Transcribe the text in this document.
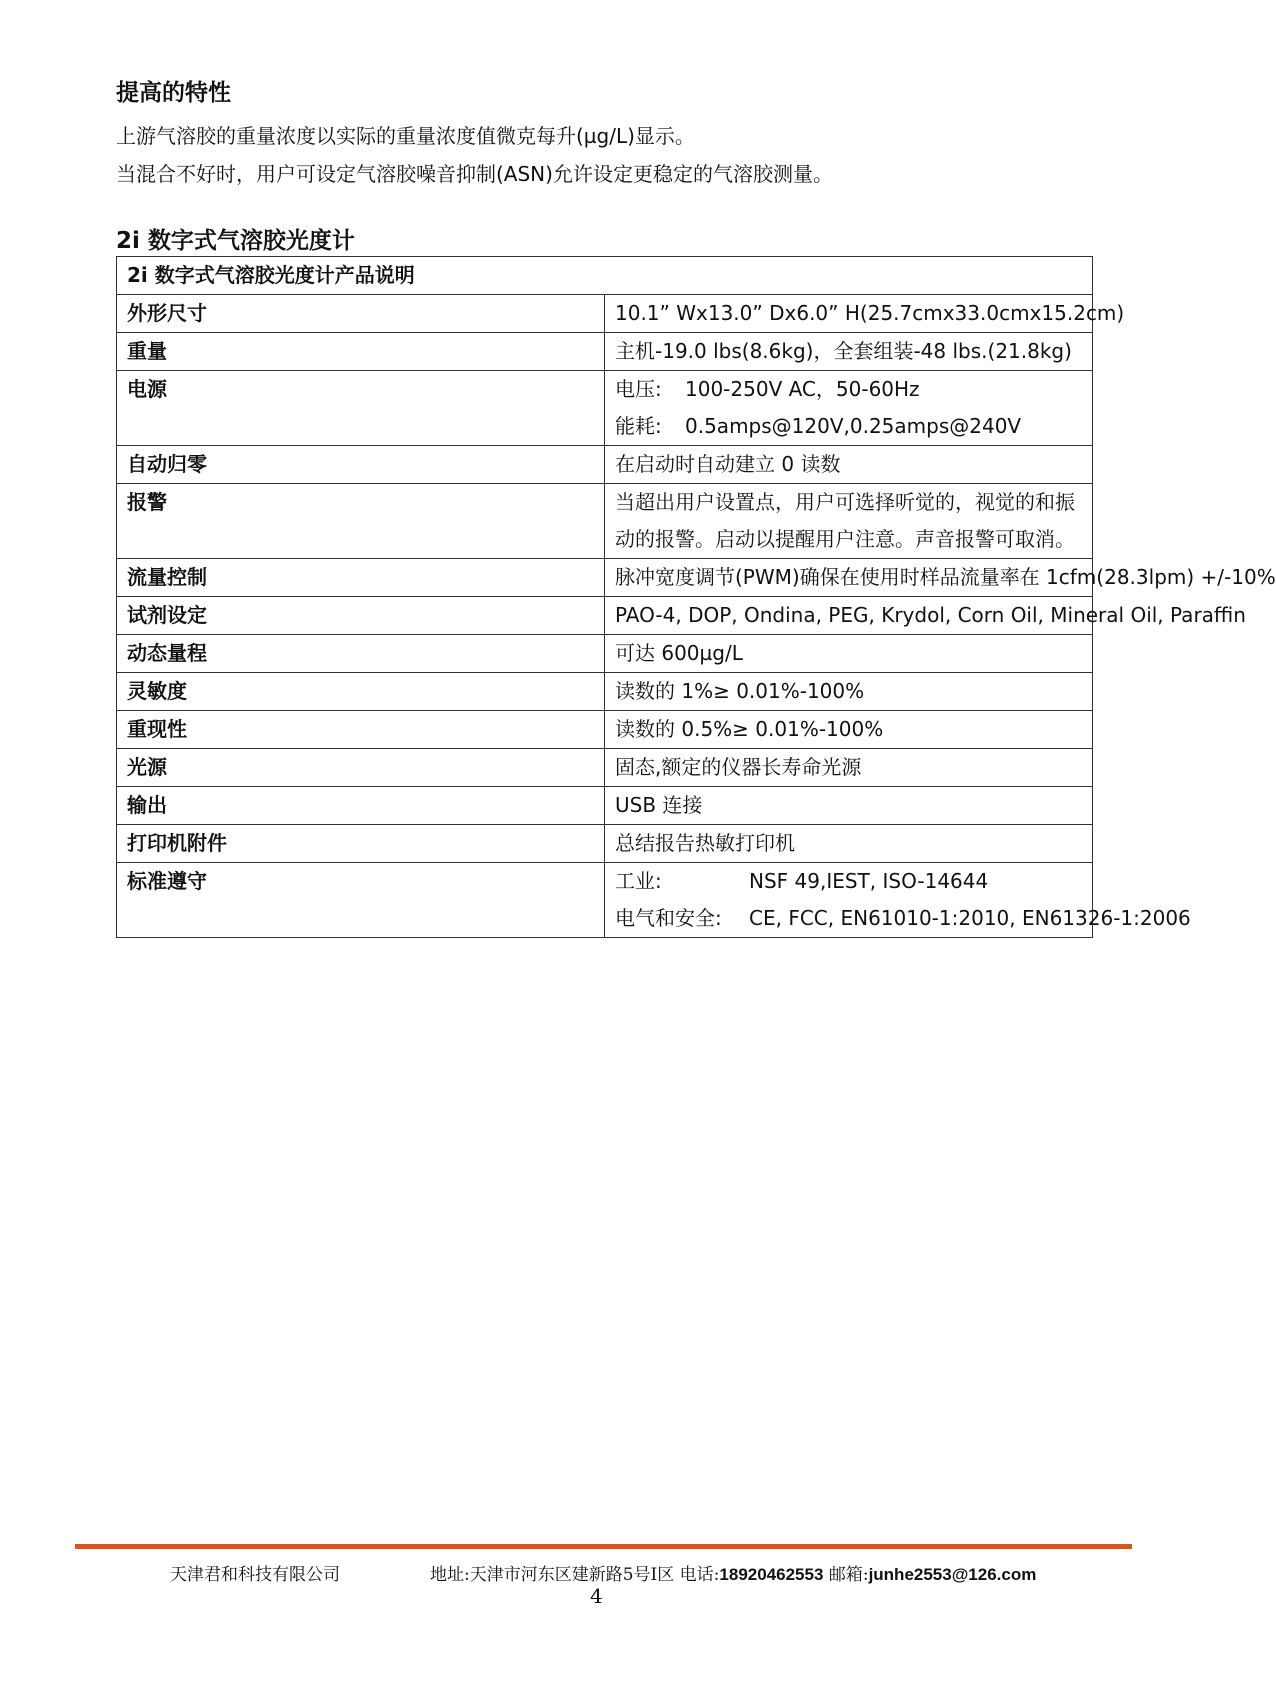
提高的特性
上游气溶胶的重量浓度以实际的重量浓度值微克每升(µg/L)显示。
当混合不好时，用户可设定气溶胶噪音抑制(ASN)允许设定更稳定的气溶胶测量。
2i 数字式气溶胶光度计
2i 数字式气溶胶光度计产品说明	
外形尺寸	10.1” Wx13.0” Dx6.0” H(25.7cmx33.0cmx15.2cm)
重量	主机-19.0 lbs(8.6kg)，全套组装-48 lbs.(21.8kg)
电源	电压: 100-250V AC，50-60Hz
能耗: 0.5amps@120V,0.25amps@240V

自动归零	在启动时自动建立 0 读数
报警	当超出用户设置点，用户可选择听觉的，视觉的和振
动的报警。启动以提醒用户注意。声音报警可取消。

流量控制	脉冲宽度调节(PWM)确保在使用时样品流量率在 1cfm(28.3lpm) +/-10%
试剂设定	PAO-4, DOP, Ondina, PEG, Krydol, Corn Oil, Mineral Oil, Paraffin
动态量程	可达 600µg/L
灵敏度	读数的 1%≥ 0.01%-100%
重现性	读数的 0.5%≥ 0.01%-100%
光源	固态,额定的仪器长寿命光源
输出	USB 连接
打印机附件	总结报告热敏打印机
标准遵守	工业: NSF 49,IEST, ISO-14644
电气和安全: CE, FCC, EN61010-1:2010, EN61326-1:2006
天津君和科技有限公司	地址:天津市河东区建新路5号I区 电话:18920462553 邮箱:junhe2553@126.com
4
